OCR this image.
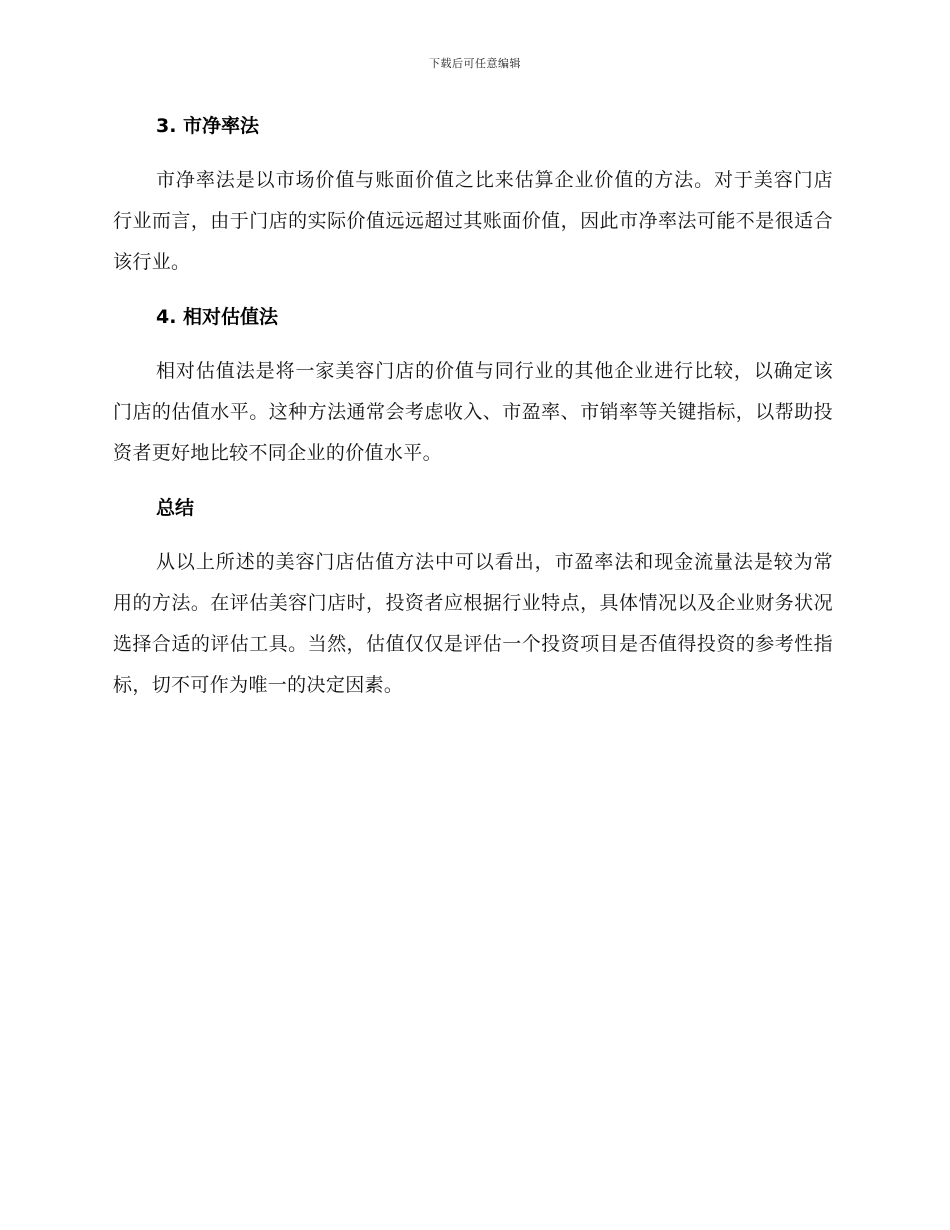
下载后可任意编辑
3. 市净率法

市净率法是以市场价值与账面价值之比来估算企业价值的方法。对于美容门店行业而言，由于门店的实际价值远远超过其账面价值，因此市净率法可能不是很适合该行业。

4. 相对估值法

相对估值法是将一家美容门店的价值与同行业的其他企业进行比较，以确定该门店的估值水平。这种方法通常会考虑收入、市盈率、市销率等关键指标，以帮助投资者更好地比较不同企业的价值水平。

总结

从以上所述的美容门店估值方法中可以看出，市盈率法和现金流量法是较为常用的方法。在评估美容门店时，投资者应根据行业特点，具体情况以及企业财务状况选择合适的评估工具。当然，估值仅仅是评估一个投资项目是否值得投资的参考性指标，切不可作为唯一的决定因素。
